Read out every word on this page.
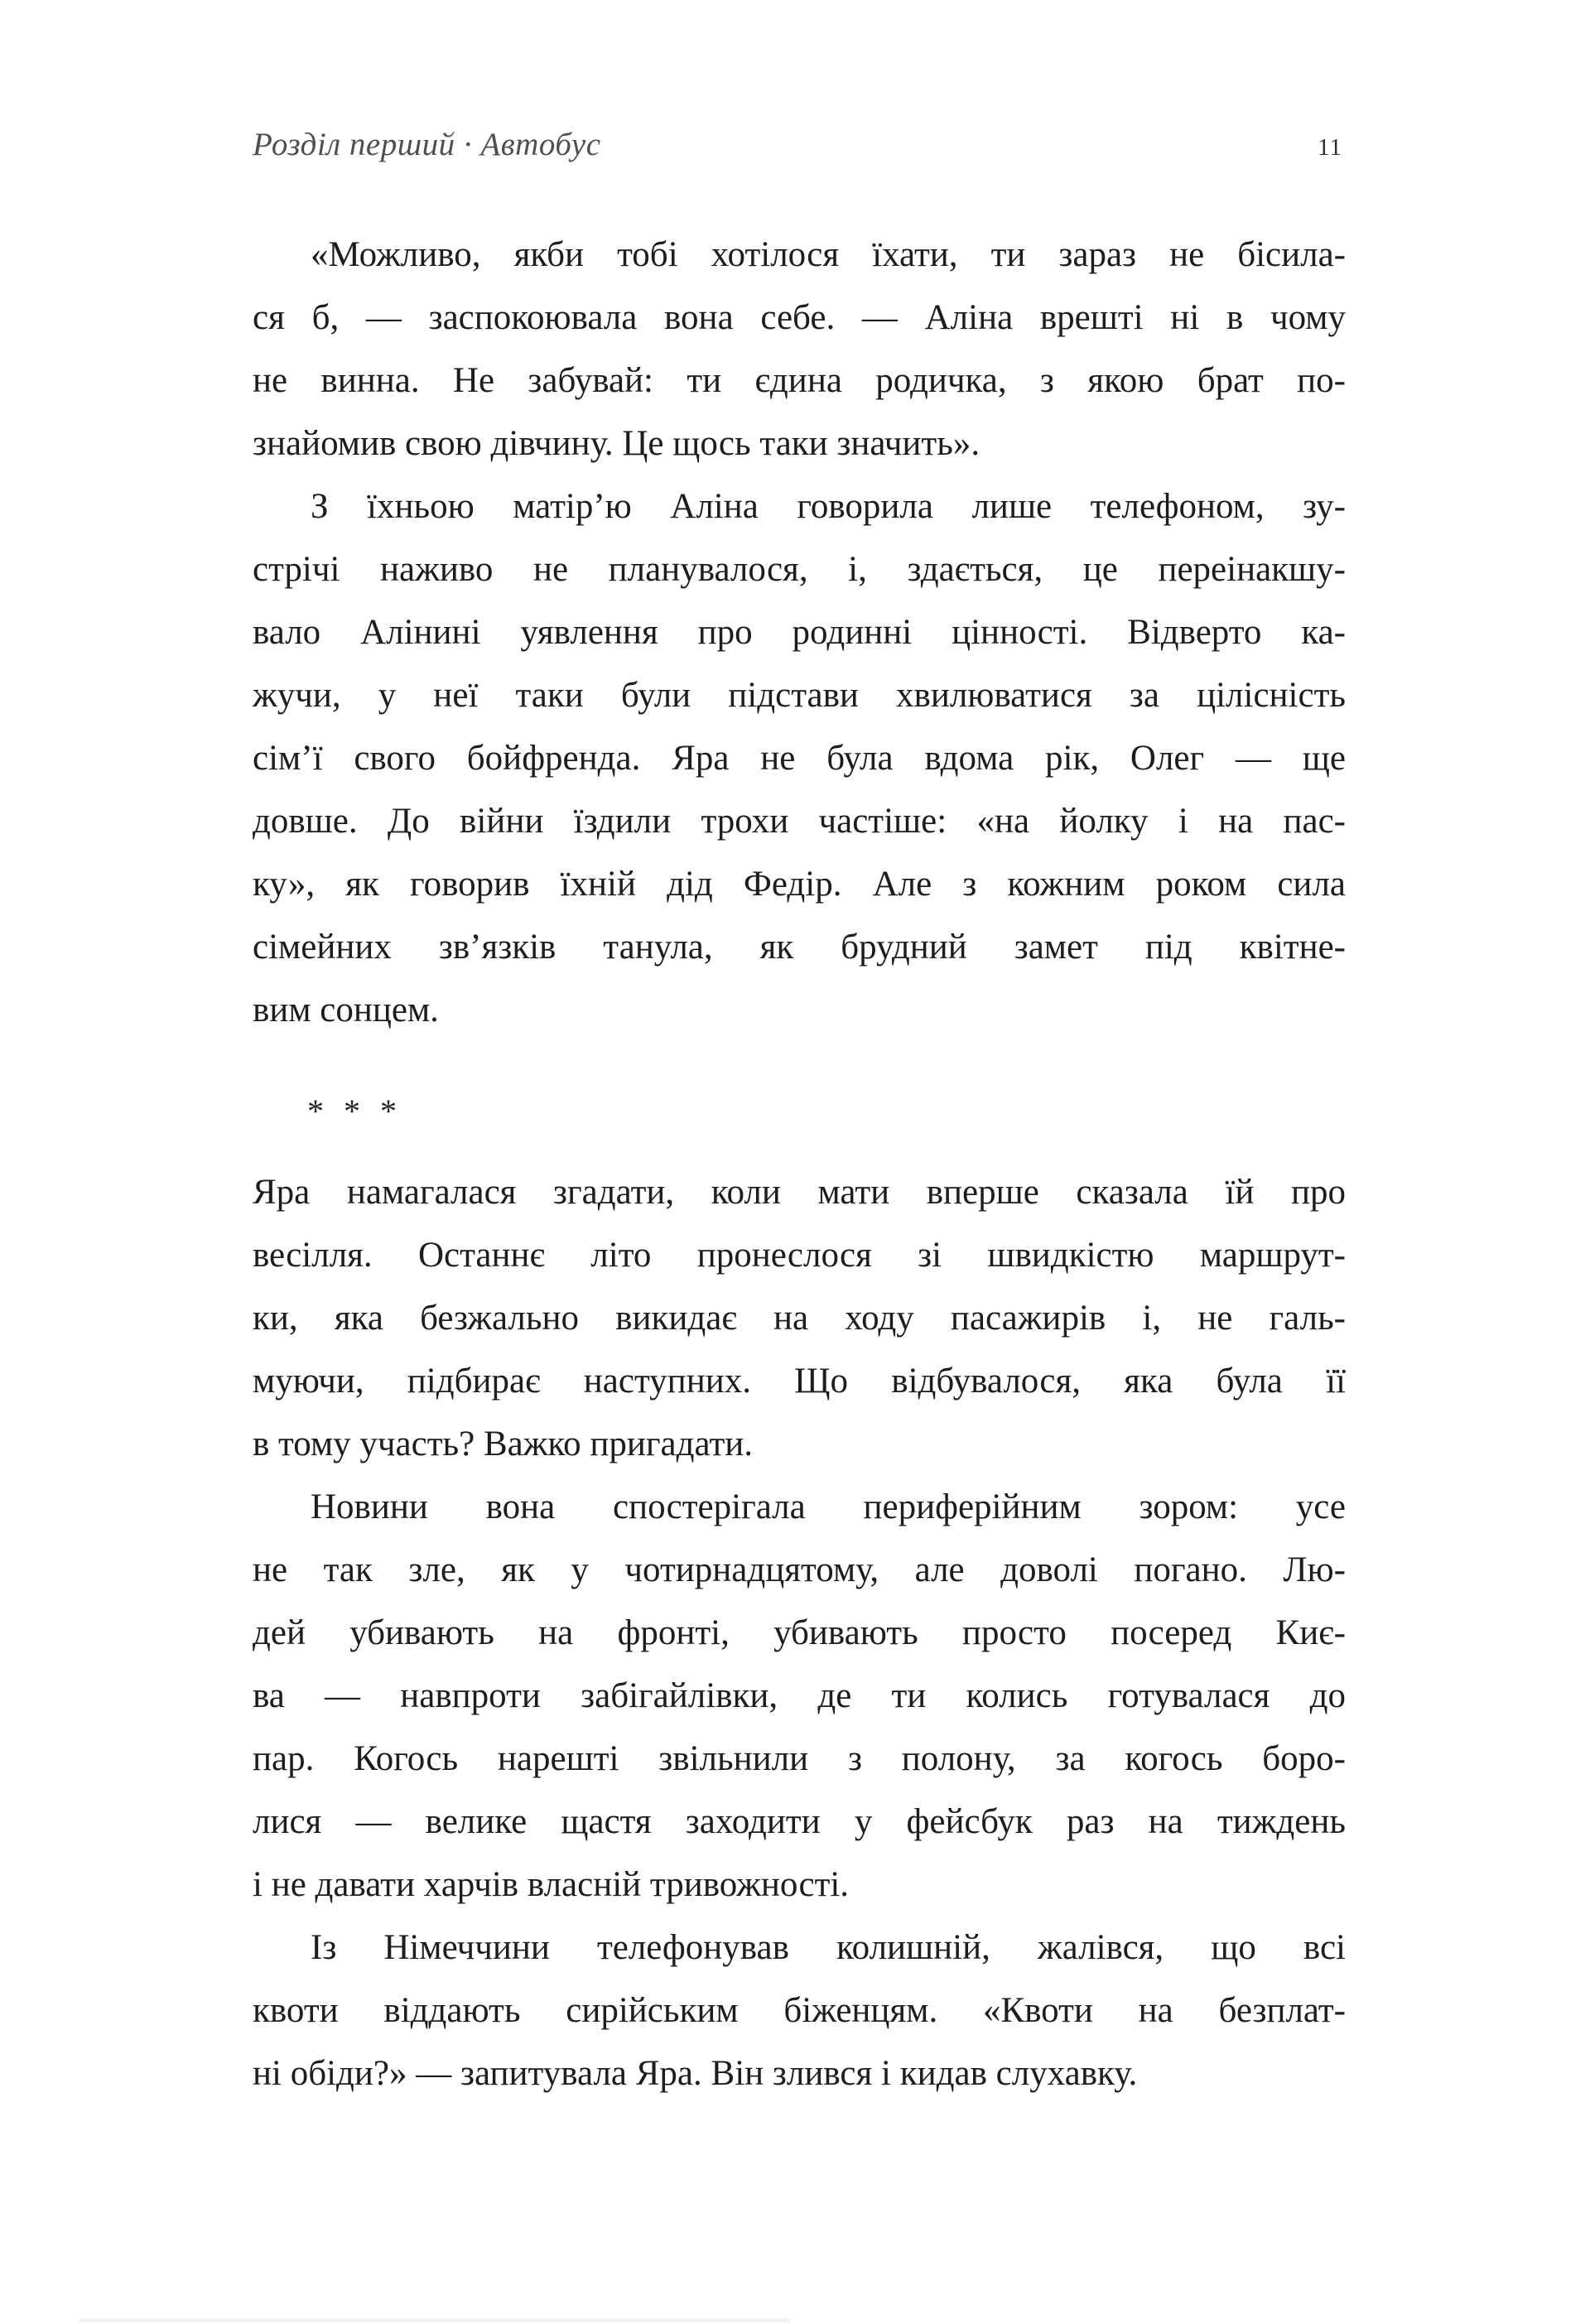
Розділ перший · Автобус	11
«Можливо, якби тобі хотілося їхати, ти зараз не бісила-
ся б, — заспокоювала вона себе. — Аліна врешті ні в чому
не винна. Не забувай: ти єдина родичка, з якою брат по-
знайомив свою дівчину. Це щось таки значить».
З їхньою матір’ю Аліна говорила лише телефоном, зу-
стрічі наживо не планувалося, і, здається, це переінакшу-
вало Алінині уявлення про родинні цінності. Відверто ка-
жучи, у неї таки були підстави хвилюватися за цілісність
сім’ї свого бойфренда. Яра не була вдома рік, Олег — ще
довше. До війни їздили трохи частіше: «на йолку і на пас-
ку», як говорив їхній дід Федір. Але з кожним роком сила
сімейних зв’язків танула, як брудний замет під квітне-
вим сонцем.
* * *
Яра намагалася згадати, коли мати вперше сказала їй про
весілля. Останнє літо пронеслося зі швидкістю маршрут-
ки, яка безжально викидає на ходу пасажирів і, не галь-
муючи, підбирає наступних. Що відбувалося, яка була її
в тому участь? Важко пригадати.
Новини вона спостерігала периферійним зором: усе
не так зле, як у чотирнадцятому, але доволі погано. Лю-
дей убивають на фронті, убивають просто посеред Киє-
ва — навпроти забігайлівки, де ти колись готувалася до
пар. Когось нарешті звільнили з полону, за когось боро-
лися — велике щастя заходити у фейсбук раз на тиждень
і не давати харчів власній тривожності.
Із Німеччини телефонував колишній, жалівся, що всі
квоти віддають сирійським біженцям. «Квоти на безплат-
ні обіди?» — запитувала Яра. Він злився і кидав слухавку.
